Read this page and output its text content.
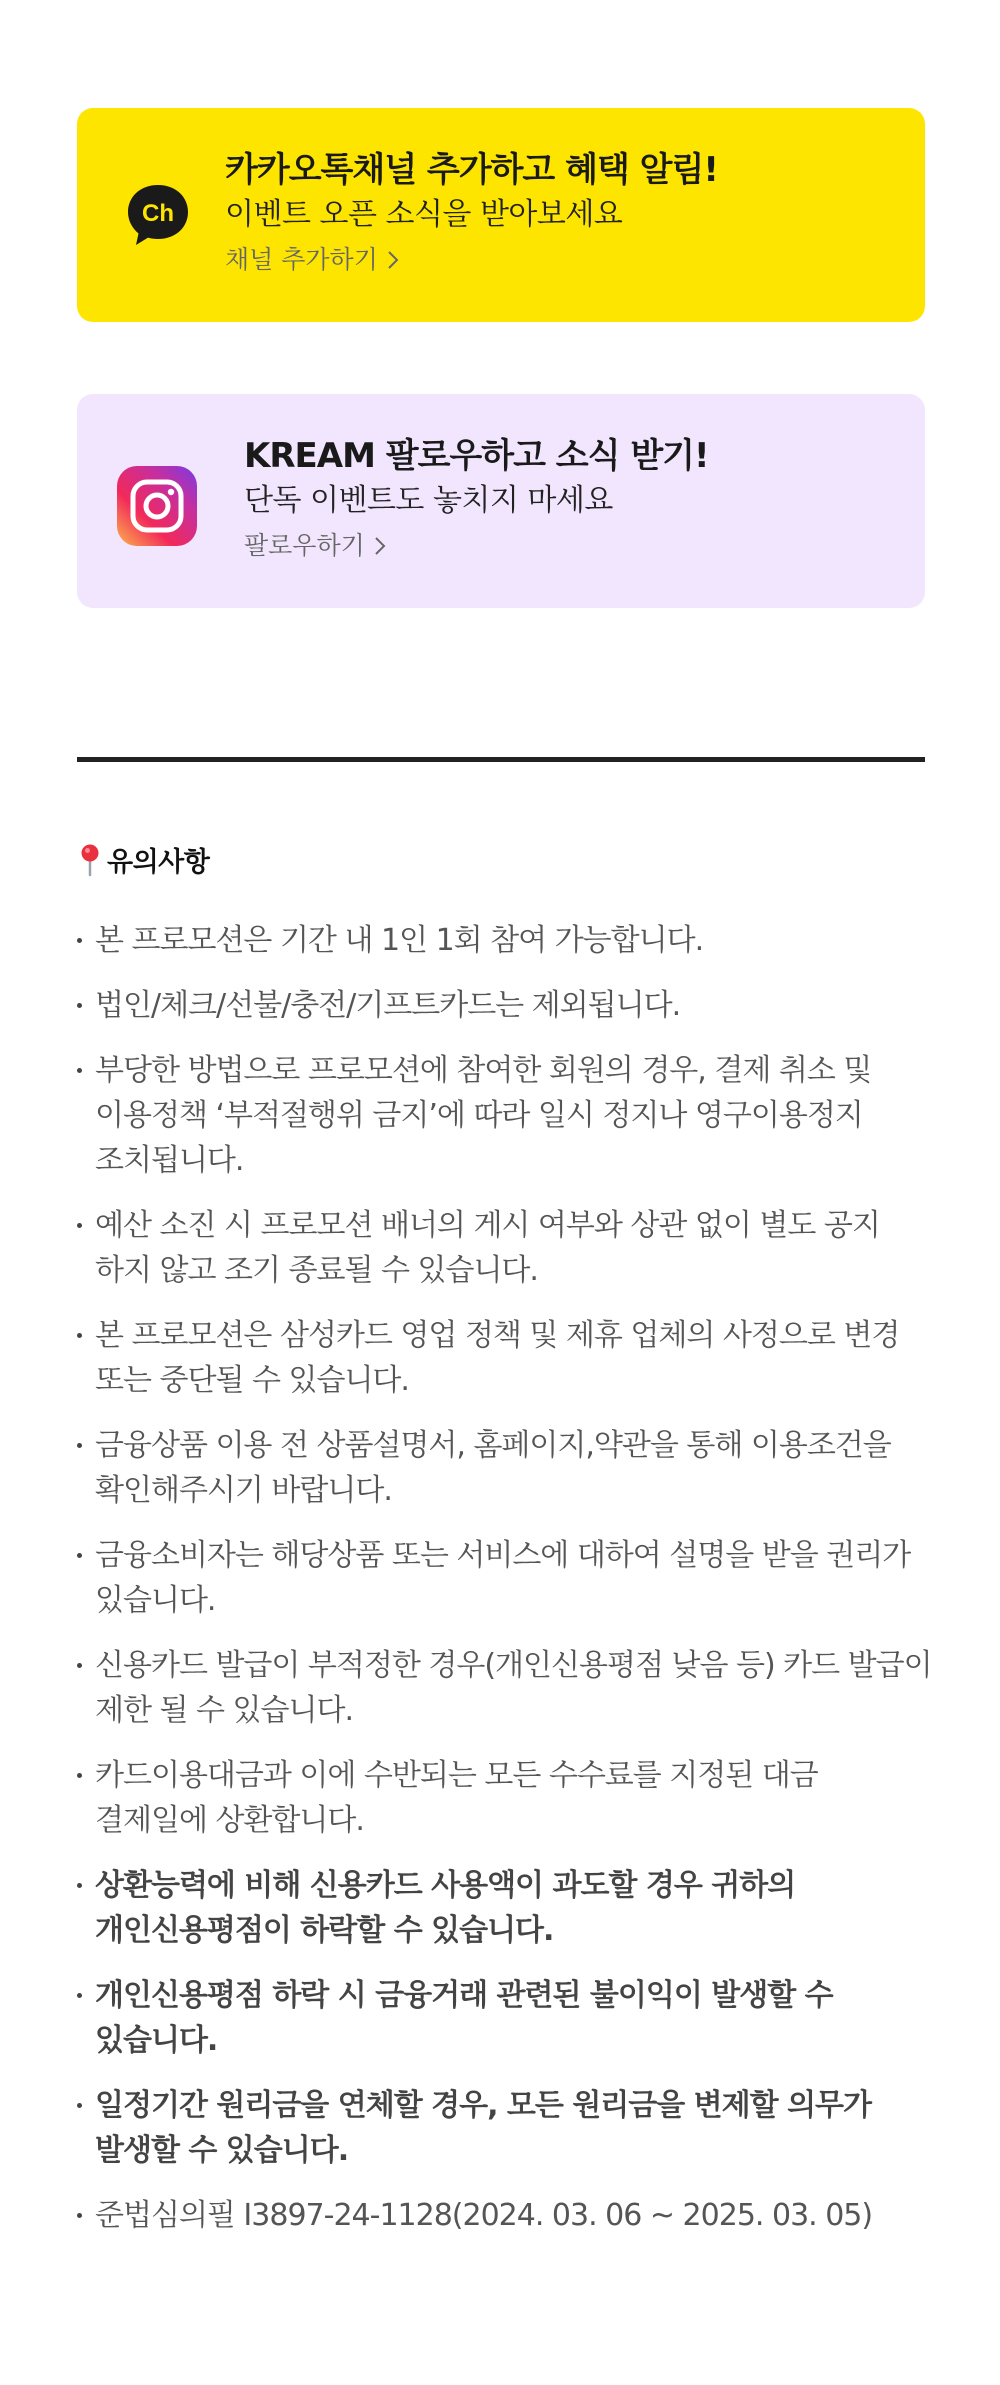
Ch
카카오톡채널 추가하고 혜택 알림!
이벤트 오픈 소식을 받아보세요
채널 추가하기
KREAM 팔로우하고 소식 받기!
단독 이벤트도 놓치지 마세요
팔로우하기
유의사항
본 프로모션은 기간 내 1인 1회 참여 가능합니다.
법인/체크/선불/충전/기프트카드는 제외됩니다.
부당한 방법으로 프로모션에 참여한 회원의 경우, 결제 취소 및 이용정책 ‘부적절행위 금지’에 따라 일시 정지나 영구이용정지 조치됩니다.
예산 소진 시 프로모션 배너의 게시 여부와 상관 없이 별도 공지 하지 않고 조기 종료될 수 있습니다.
본 프로모션은 삼성카드 영업 정책 및 제휴 업체의 사정으로 변경 또는 중단될 수 있습니다.
금융상품 이용 전 상품설명서, 홈페이지,약관을 통해 이용조건을 확인해주시기 바랍니다.
금융소비자는 해당상품 또는 서비스에 대하여 설명을 받을 권리가 있습니다.
신용카드 발급이 부적정한 경우(개인신용평점 낮음 등) 카드 발급이 제한 될 수 있습니다.
카드이용대금과 이에 수반되는 모든 수수료를 지정된 대금 결제일에 상환합니다.
상환능력에 비해 신용카드 사용액이 과도할 경우 귀하의 개인신용평점이 하락할 수 있습니다.
개인신용평점 하락 시 금융거래 관련된 불이익이 발생할 수 있습니다.
일정기간 원리금을 연체할 경우, 모든 원리금을 변제할 의무가 발생할 수 있습니다.
준법심의필 I3897-24-1128(2024. 03. 06 ~ 2025. 03. 05)
